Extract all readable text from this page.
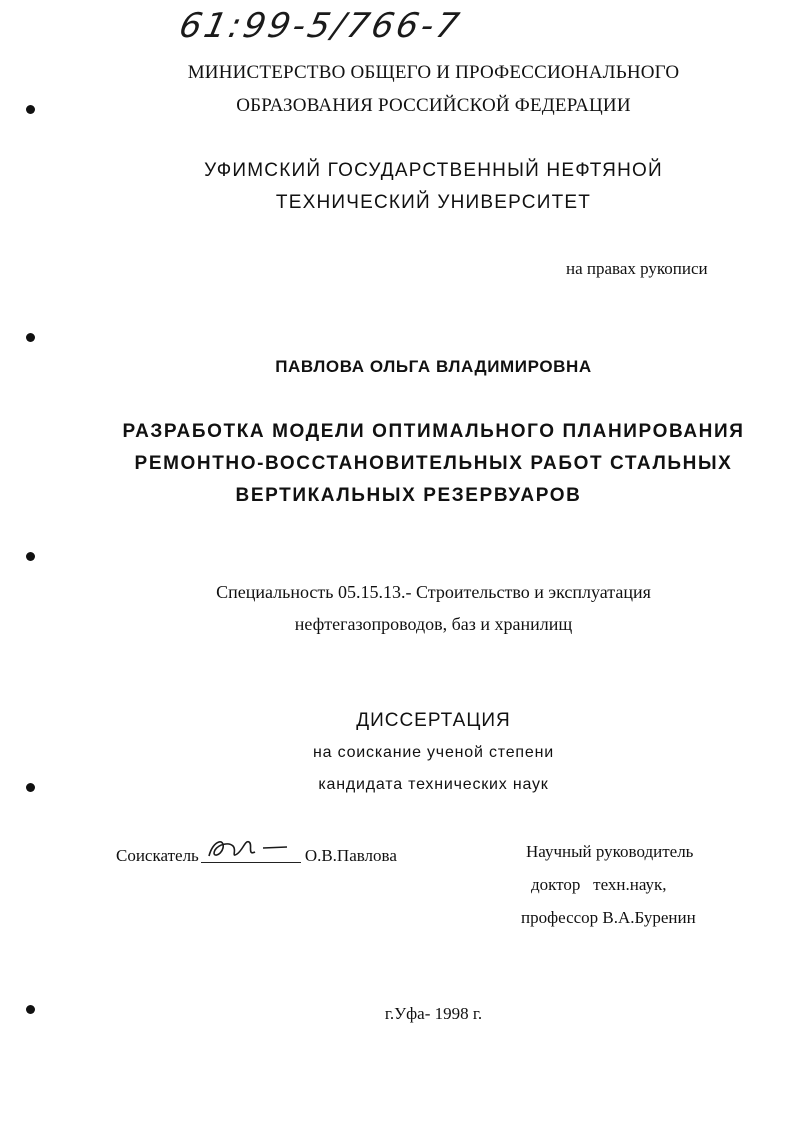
61:99-5/766-7
МИНИСТЕРСТВО ОБЩЕГО И ПРОФЕССИОНАЛЬНОГО
ОБРАЗОВАНИЯ РОССИЙСКОЙ ФЕДЕРАЦИИ
УФИМСКИЙ ГОСУДАРСТВЕННЫЙ НЕФТЯНОЙ
ТЕХНИЧЕСКИЙ УНИВЕРСИТЕТ
на правах рукописи
ПАВЛОВА ОЛЬГА ВЛАДИМИРОВНА
РАЗРАБОТКА МОДЕЛИ ОПТИМАЛЬНОГО ПЛАНИРОВАНИЯ
РЕМОНТНО-ВОССТАНОВИТЕЛЬНЫХ РАБОТ СТАЛЬНЫХ
ВЕРТИКАЛЬНЫХ РЕЗЕРВУАРОВ
Специальность 05.15.13.- Строительство и эксплуатация
нефтегазопроводов, баз и хранилищ
ДИССЕРТАЦИЯ
на соискание ученой степени
кандидата технических наук
Соискатель	О.В.Павлова	Научный руководитель
доктор   техн.наук,
профессор В.А.Буренин
г.Уфа- 1998 г.
